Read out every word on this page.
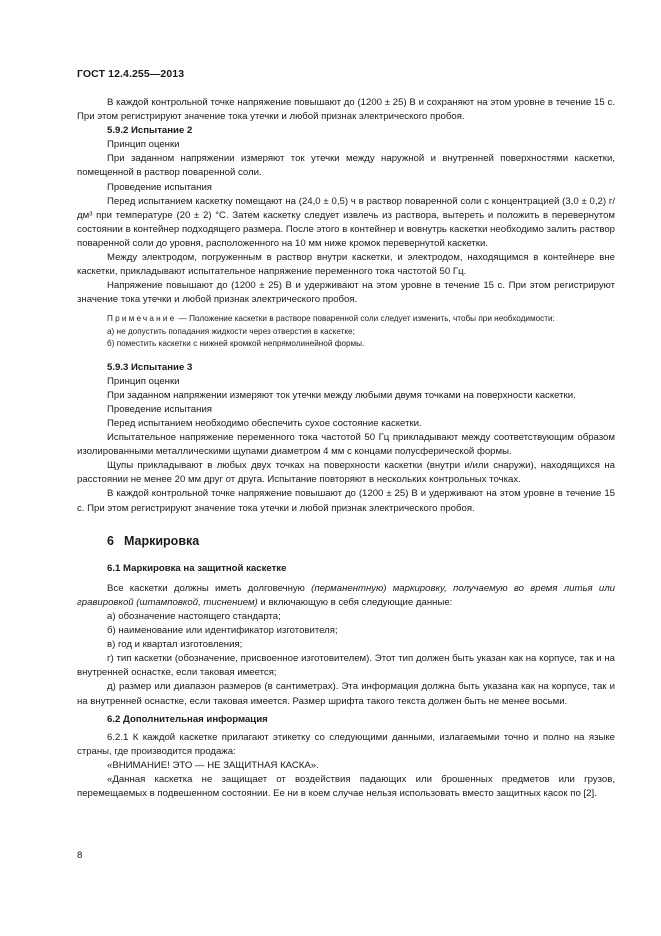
ГОСТ 12.4.255—2013

В каждой контрольной точке напряжение повышают до (1200 ± 25) В и сохраняют на этом уровне в течение 15 с. При этом регистрируют значение тока утечки и любой признак электрического пробоя.

5.9.2 Испытание 2

Принцип оценки

При заданном напряжении измеряют ток утечки между наружной и внутренней поверхностями каскетки, помещенной в раствор поваренной соли.

Проведение испытания

Перед испытанием каскетку помещают на (24,0 ± 0,5) ч в раствор поваренной соли с концентрацией (3,0 ± 0,2) г/дм³ при температуре (20 ± 2) °С. Затем каскетку следует извлечь из раствора, вытереть и положить в перевернутом состоянии в контейнер подходящего размера. После этого в контейнер и вовнутрь каскетки необходимо залить раствор поваренной соли до уровня, расположенного на 10 мм ниже кромок перевернутой каскетки.

Между электродом, погруженным в раствор внутри каскетки, и электродом, находящимся в контейнере вне каскетки, прикладывают испытательное напряжение переменного тока частотой 50 Гц.

Напряжение повышают до (1200 ± 25) В и удерживают на этом уровне в течение 15 с. При этом регистрируют значение тока утечки и любой признак электрического пробоя.

Примечание — Положение каскетки в растворе поваренной соли следует изменить, чтобы при необходимости:

а) не допустить попадания жидкости через отверстия в каскетке;

б) поместить каскетки с нижней кромкой непрямолинейной формы.

5.9.3 Испытание 3

Принцип оценки

При заданном напряжении измеряют ток утечки между любыми двумя точками на поверхности каскетки.

Проведение испытания

Перед испытанием необходимо обеспечить сухое состояние каскетки.

Испытательное напряжение переменного тока частотой 50 Гц прикладывают между соответствующим образом изолированными металлическими щупами диаметром 4 мм с концами полусферической формы.

Щупы прикладывают в любых двух точках на поверхности каскетки (внутри и/или снаружи), находящихся на расстоянии не менее 20 мм друг от друга. Испытание повторяют в нескольких контрольных точках.

В каждой контрольной точке напряжение повышают до (1200 ± 25) В и удерживают на этом уровне в течение 15 с. При этом регистрируют значение тока утечки и любой признак электрического пробоя.

6 Маркировка

6.1 Маркировка на защитной каскетке

Все каскетки должны иметь долговечную (перманентную) маркировку, получаемую во время литья или гравировкой (штамповкой, тиснением) и включающую в себя следующие данные:

а) обозначение настоящего стандарта;

б) наименование или идентификатор изготовителя;

в) год и квартал изготовления;

г) тип каскетки (обозначение, присвоенное изготовителем). Этот тип должен быть указан как на корпусе, так и на внутренней оснастке, если таковая имеется;

д) размер или диапазон размеров (в сантиметрах). Эта информация должна быть указана как на корпусе, так и на внутренней оснастке, если таковая имеется. Размер шрифта такого текста должен быть не менее восьми.

6.2 Дополнительная информация

6.2.1 К каждой каскетке прилагают этикетку со следующими данными, излагаемыми точно и полно на языке страны, где производится продажа:

«ВНИМАНИЕ! ЭТО — НЕ ЗАЩИТНАЯ КАСКА».

«Данная каскетка не защищает от воздействия падающих или брошенных предметов или грузов, перемещаемых в подвешенном состоянии. Ее ни в коем случае нельзя использовать вместо защитных касок по [2].

8
